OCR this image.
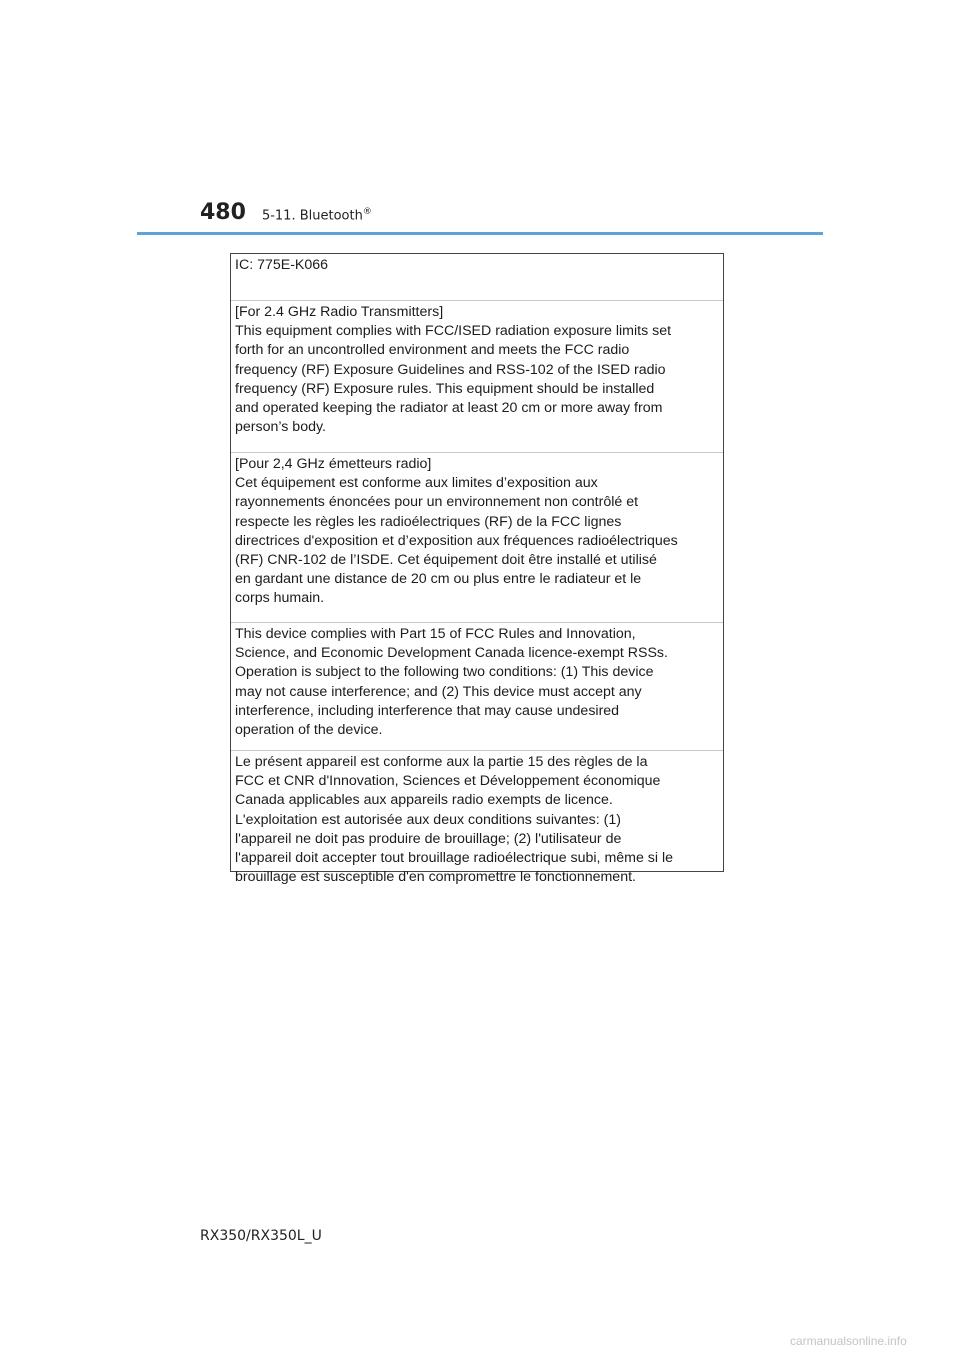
480 5-11. Bluetooth®

IC: 775E-K066

[For 2.4 GHz Radio Transmitters]

This equipment complies with FCC/ISED radiation exposure limits set

forth for an uncontrolled environment and meets the FCC radio

frequency (RF) Exposure Guidelines and RSS-102 of the ISED radio

frequency (RF) Exposure rules. This equipment should be installed

and operated keeping the radiator at least 20 cm or more away from

person’s body.

[Pour 2,4 GHz émetteurs radio]

Cet équipement est conforme aux limites d’exposition aux

rayonnements énoncées pour un environnement non contrôlé et

respecte les règles les radioélectriques (RF) de la FCC lignes

directrices d'exposition et d’exposition aux fréquences radioélectriques

(RF) CNR-102 de l’ISDE. Cet équipement doit être installé et utilisé

en gardant une distance de 20 cm ou plus entre le radiateur et le

corps humain.

This device complies with Part 15 of FCC Rules and Innovation,

Science, and Economic Development Canada licence-exempt RSSs.

Operation is subject to the following two conditions: (1) This device

may not cause interference; and (2) This device must accept any

interference, including interference that may cause undesired

operation of the device.

Le présent appareil est conforme aux la partie 15 des règles de la

FCC et CNR d'Innovation, Sciences et Développement économique

Canada applicables aux appareils radio exempts de licence.

L'exploitation est autorisée aux deux conditions suivantes: (1)

l'appareil ne doit pas produire de brouillage; (2) l'utilisateur de

l'appareil doit accepter tout brouillage radioélectrique subi, même si le

brouillage est susceptible d'en compromettre le fonctionnement.

RX350/RX350L_U
carmanualsonline.info
